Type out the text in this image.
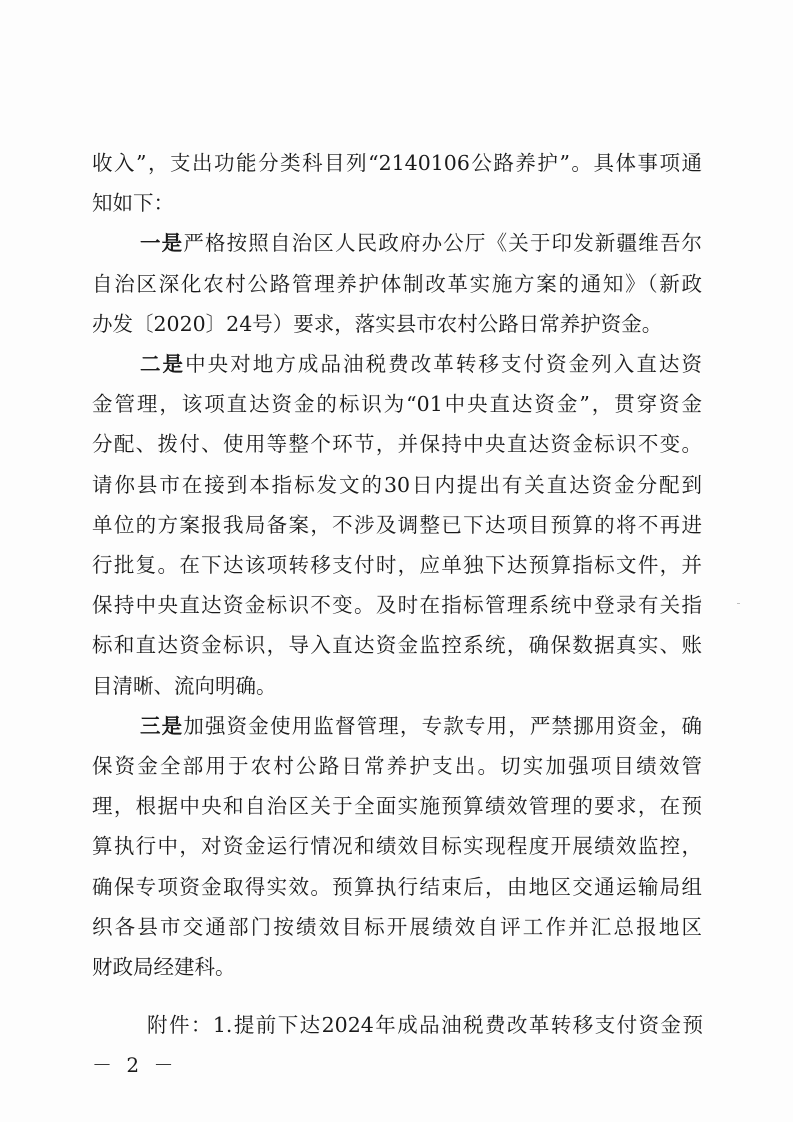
收入”，支出功能分类科目列“2140106公路养护”。具体事项通
知如下：
一是严格按照自治区人民政府办公厅《关于印发新疆维吾尔
自治区深化农村公路管理养护体制改革实施方案的通知》（新政
办发〔2020〕24号）要求，落实县市农村公路日常养护资金。
二是中央对地方成品油税费改革转移支付资金列入直达资
金管理，该项直达资金的标识为“01中央直达资金”，贯穿资金
分配、拨付、使用等整个环节，并保持中央直达资金标识不变。
请你县市在接到本指标发文的30日内提出有关直达资金分配到
单位的方案报我局备案，不涉及调整已下达项目预算的将不再进
行批复。在下达该项转移支付时，应单独下达预算指标文件，并
保持中央直达资金标识不变。及时在指标管理系统中登录有关指
标和直达资金标识，导入直达资金监控系统，确保数据真实、账
目清晰、流向明确。
三是加强资金使用监督管理，专款专用，严禁挪用资金，确
保资金全部用于农村公路日常养护支出。切实加强项目绩效管
理，根据中央和自治区关于全面实施预算绩效管理的要求，在预
算执行中，对资金运行情况和绩效目标实现程度开展绩效监控，
确保专项资金取得实效。预算执行结束后，由地区交通运输局组
织各县市交通部门按绩效目标开展绩效自评工作并汇总报地区
财政局经建科。
附件：1.提前下达2024年成品油税费改革转移支付资金预
－ 2 －
